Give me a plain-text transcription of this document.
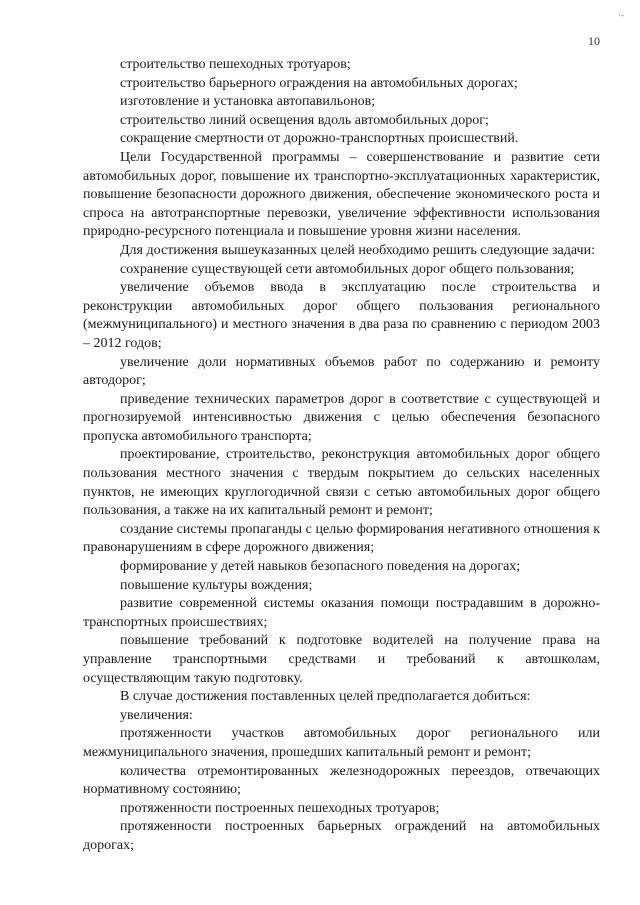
·-
10

строительство пешеходных тротуаров;

строительство барьерного ограждения на автомобильных дорогах;

изготовление и установка автопавильонов;

строительство линий освещения вдоль автомобильных дорог;

сокращение смертности от дорожно-транспортных происшествий.

Цели Государственной программы – совершенствование и развитие сети автомобильных дорог, повышение их транспортно-эксплуатационных характеристик, повышение безопасности дорожного движения, обеспечение экономического роста и спроса на автотранспортные перевозки, увеличение эффективности использования природно-ресурсного потенциала и повышение уровня жизни населения.

Для достижения вышеуказанных целей необходимо решить следующие задачи:

сохранение существующей сети автомобильных дорог общего пользования;

увеличение объемов ввода в эксплуатацию после строительства и реконструкции автомобильных дорог общего пользования регионального (межмуниципального) и местного значения в два раза по сравнению с периодом 2003 – 2012 годов;

увеличение доли нормативных объемов работ по содержанию и ремонту автодорог;

приведение технических параметров дорог в соответствие с существующей и прогнозируемой интенсивностью движения с целью обеспечения безопасного пропуска автомобильного транспорта;

проектирование, строительство, реконструкция автомобильных дорог общего пользования местного значения с твердым покрытием до сельских населенных пунктов, не имеющих круглогодичной связи с сетью автомобильных дорог общего пользования, а также на их капитальный ремонт и ремонт;

создание системы пропаганды с целью формирования негативного отношения к правонарушениям в сфере дорожного движения;

формирование у детей навыков безопасного поведения на дорогах;

повышение культуры вождения;

развитие современной системы оказания помощи пострадавшим в дорожно-транспортных происшествиях;

повышение требований к подготовке водителей на получение права на управление транспортными средствами и требований к автошколам, осуществляющим такую подготовку.

В случае достижения поставленных целей предполагается добиться:

увеличения:

протяженности участков автомобильных дорог регионального или межмуниципального значения, прошедших капитальный ремонт и ремонт;

количества отремонтированных железнодорожных переездов, отвечающих нормативному состоянию;

протяженности построенных пешеходных тротуаров;

протяженности построенных барьерных ограждений на автомобильных дорогах;
